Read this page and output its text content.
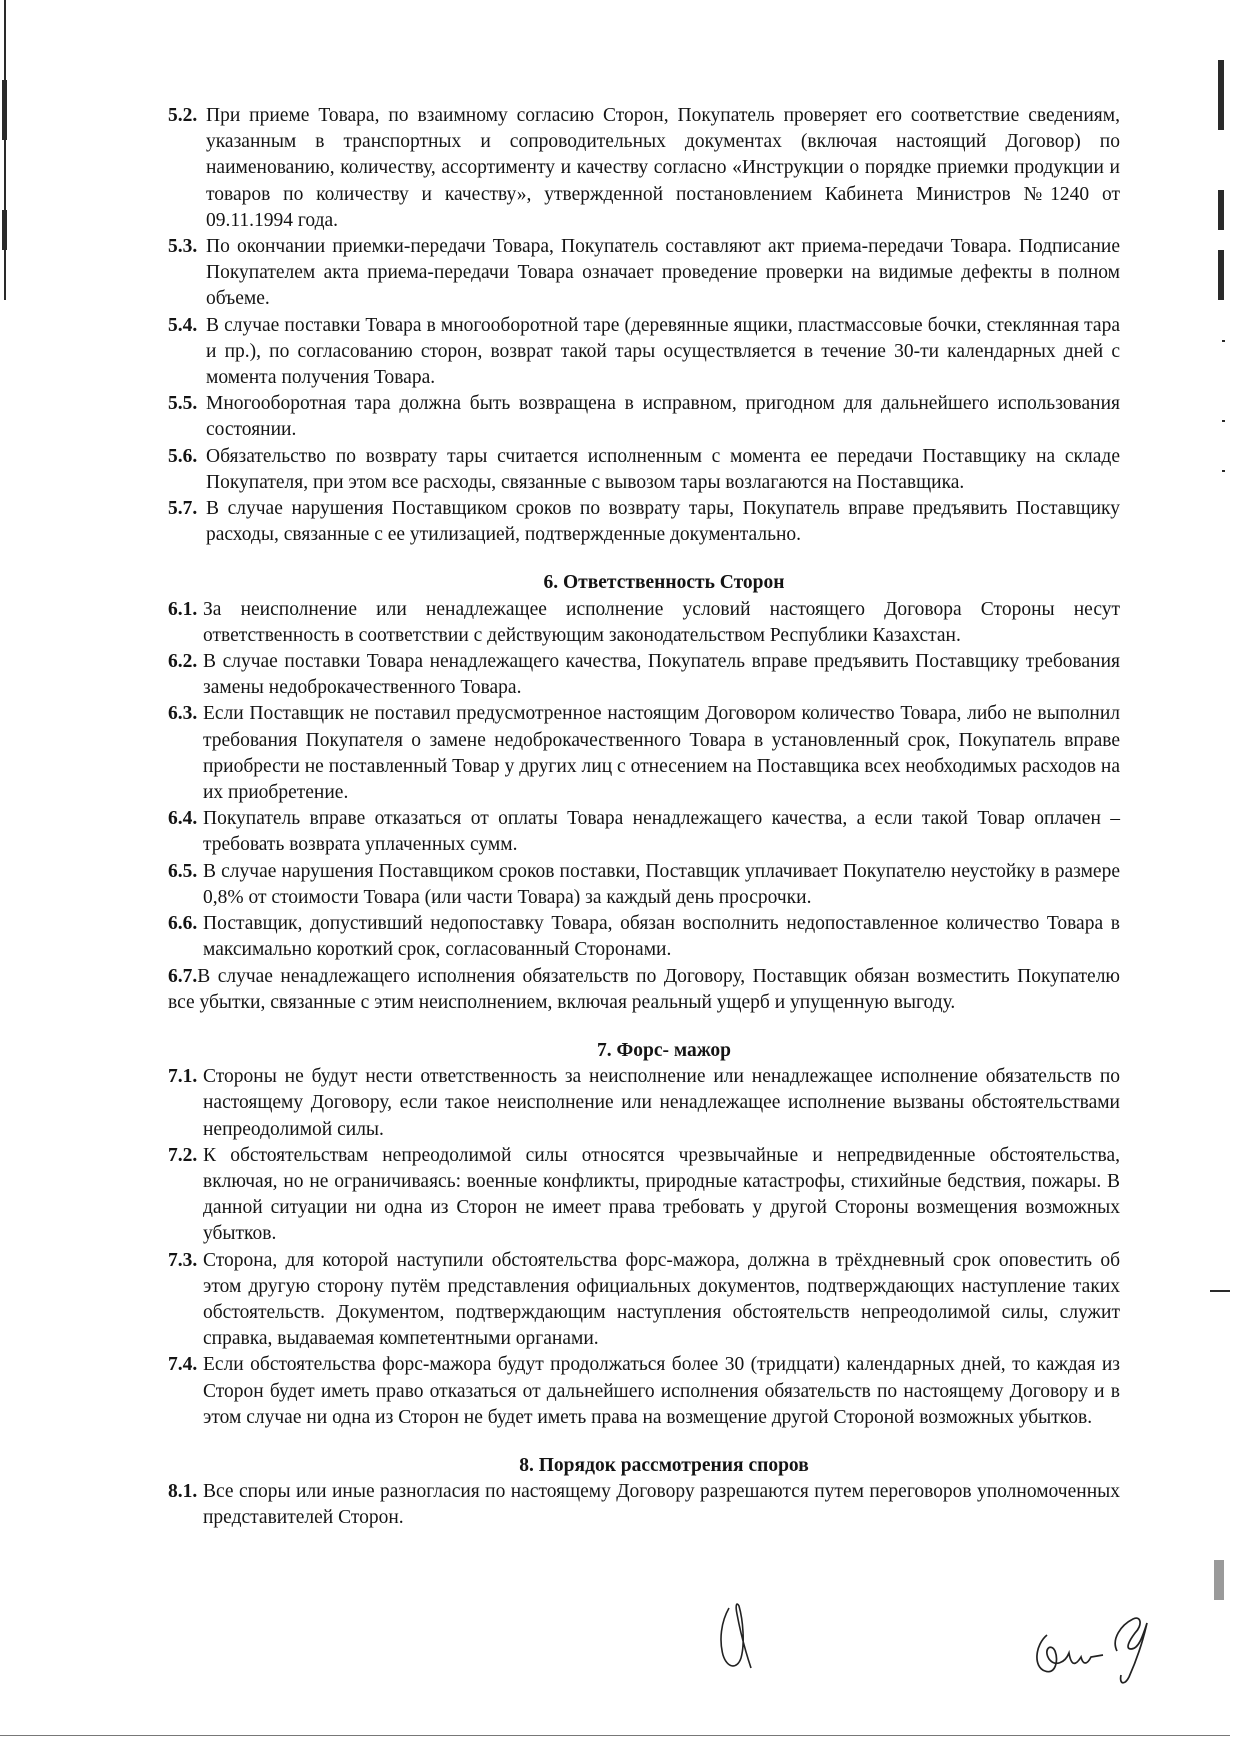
5.2. При приеме Товара, по взаимному согласию Сторон, Покупатель проверяет его соответствие сведениям, указанным в транспортных и сопроводительных документах (включая настоящий Договор) по наименованию, количеству, ассортименту и качеству согласно «Инструкции о порядке приемки продукции и товаров по количеству и качеству», утвержденной постановлением Кабинета Министров №1240 от 09.11.1994 года.
5.3. По окончании приемки-передачи Товара, Покупатель составляют акт приема-передачи Товара. Подписание Покупателем акта приема-передачи Товара означает проведение проверки на видимые дефекты в полном объеме.
5.4. В случае поставки Товара в многооборотной таре (деревянные ящики, пластмассовые бочки, стеклянная тара и пр.), по согласованию сторон, возврат такой тары осуществляется в течение 30-ти календарных дней с момента получения Товара.
5.5. Многооборотная тара должна быть возвращена в исправном, пригодном для дальнейшего использования состоянии.
5.6. Обязательство по возврату тары считается исполненным с момента ее передачи Поставщику на складе Покупателя, при этом все расходы, связанные с вывозом тары возлагаются на Поставщика.
5.7. В случае нарушения Поставщиком сроков по возврату тары, Покупатель вправе предъявить Поставщику расходы, связанные с ее утилизацией, подтвержденные документально.
6. Ответственность Сторон
6.1. За неисполнение или ненадлежащее исполнение условий настоящего Договора Стороны несут ответственность в соответствии с действующим законодательством Республики Казахстан.
6.2. В случае поставки Товара ненадлежащего качества, Покупатель вправе предъявить Поставщику требования замены недоброкачественного Товара.
6.3. Если Поставщик не поставил предусмотренное настоящим Договором количество Товара, либо не выполнил требования Покупателя о замене недоброкачественного Товара в установленный срок, Покупатель вправе приобрести не поставленный Товар у других лиц с отнесением на Поставщика всех необходимых расходов на их приобретение.
6.4. Покупатель вправе отказаться от оплаты Товара ненадлежащего качества, а если такой Товар оплачен – требовать возврата уплаченных сумм.
6.5. В случае нарушения Поставщиком сроков поставки, Поставщик уплачивает Покупателю неустойку в размере 0,8% от стоимости Товара (или части Товара) за каждый день просрочки.
6.6. Поставщик, допустивший недопоставку Товара, обязан восполнить недопоставленное количество Товара в максимально короткий срок, согласованный Сторонами.
6.7.В случае ненадлежащего исполнения обязательств по Договору, Поставщик обязан возместить Покупателю все убытки, связанные с этим неисполнением, включая реальный ущерб и упущенную выгоду.
7. Форс- мажор
7.1. Стороны не будут нести ответственность за неисполнение или ненадлежащее исполнение обязательств по настоящему Договору, если такое неисполнение или ненадлежащее исполнение вызваны обстоятельствами непреодолимой силы.
7.2. К обстоятельствам непреодолимой силы относятся чрезвычайные и непредвиденные обстоятельства, включая, но не ограничиваясь: военные конфликты, природные катастрофы, стихийные бедствия, пожары. В данной ситуации ни одна из Сторон не имеет права требовать у другой Стороны возмещения возможных убытков.
7.3. Сторона, для которой наступили обстоятельства форс-мажора, должна в трёхдневный срок оповестить об этом другую сторону путём представления официальных документов, подтверждающих наступление таких обстоятельств. Документом, подтверждающим наступления обстоятельств непреодолимой силы, служит справка, выдаваемая компетентными органами.
7.4. Если обстоятельства форс-мажора будут продолжаться более 30 (тридцати) календарных дней, то каждая из Сторон будет иметь право отказаться от дальнейшего исполнения обязательств по настоящему Договору и в этом случае ни одна из Сторон не будет иметь права на возмещение другой Стороной возможных убытков.
8. Порядок рассмотрения споров
8.1. Все споры или иные разногласия по настоящему Договору разрешаются путем переговоров уполномоченных представителей Сторон.
